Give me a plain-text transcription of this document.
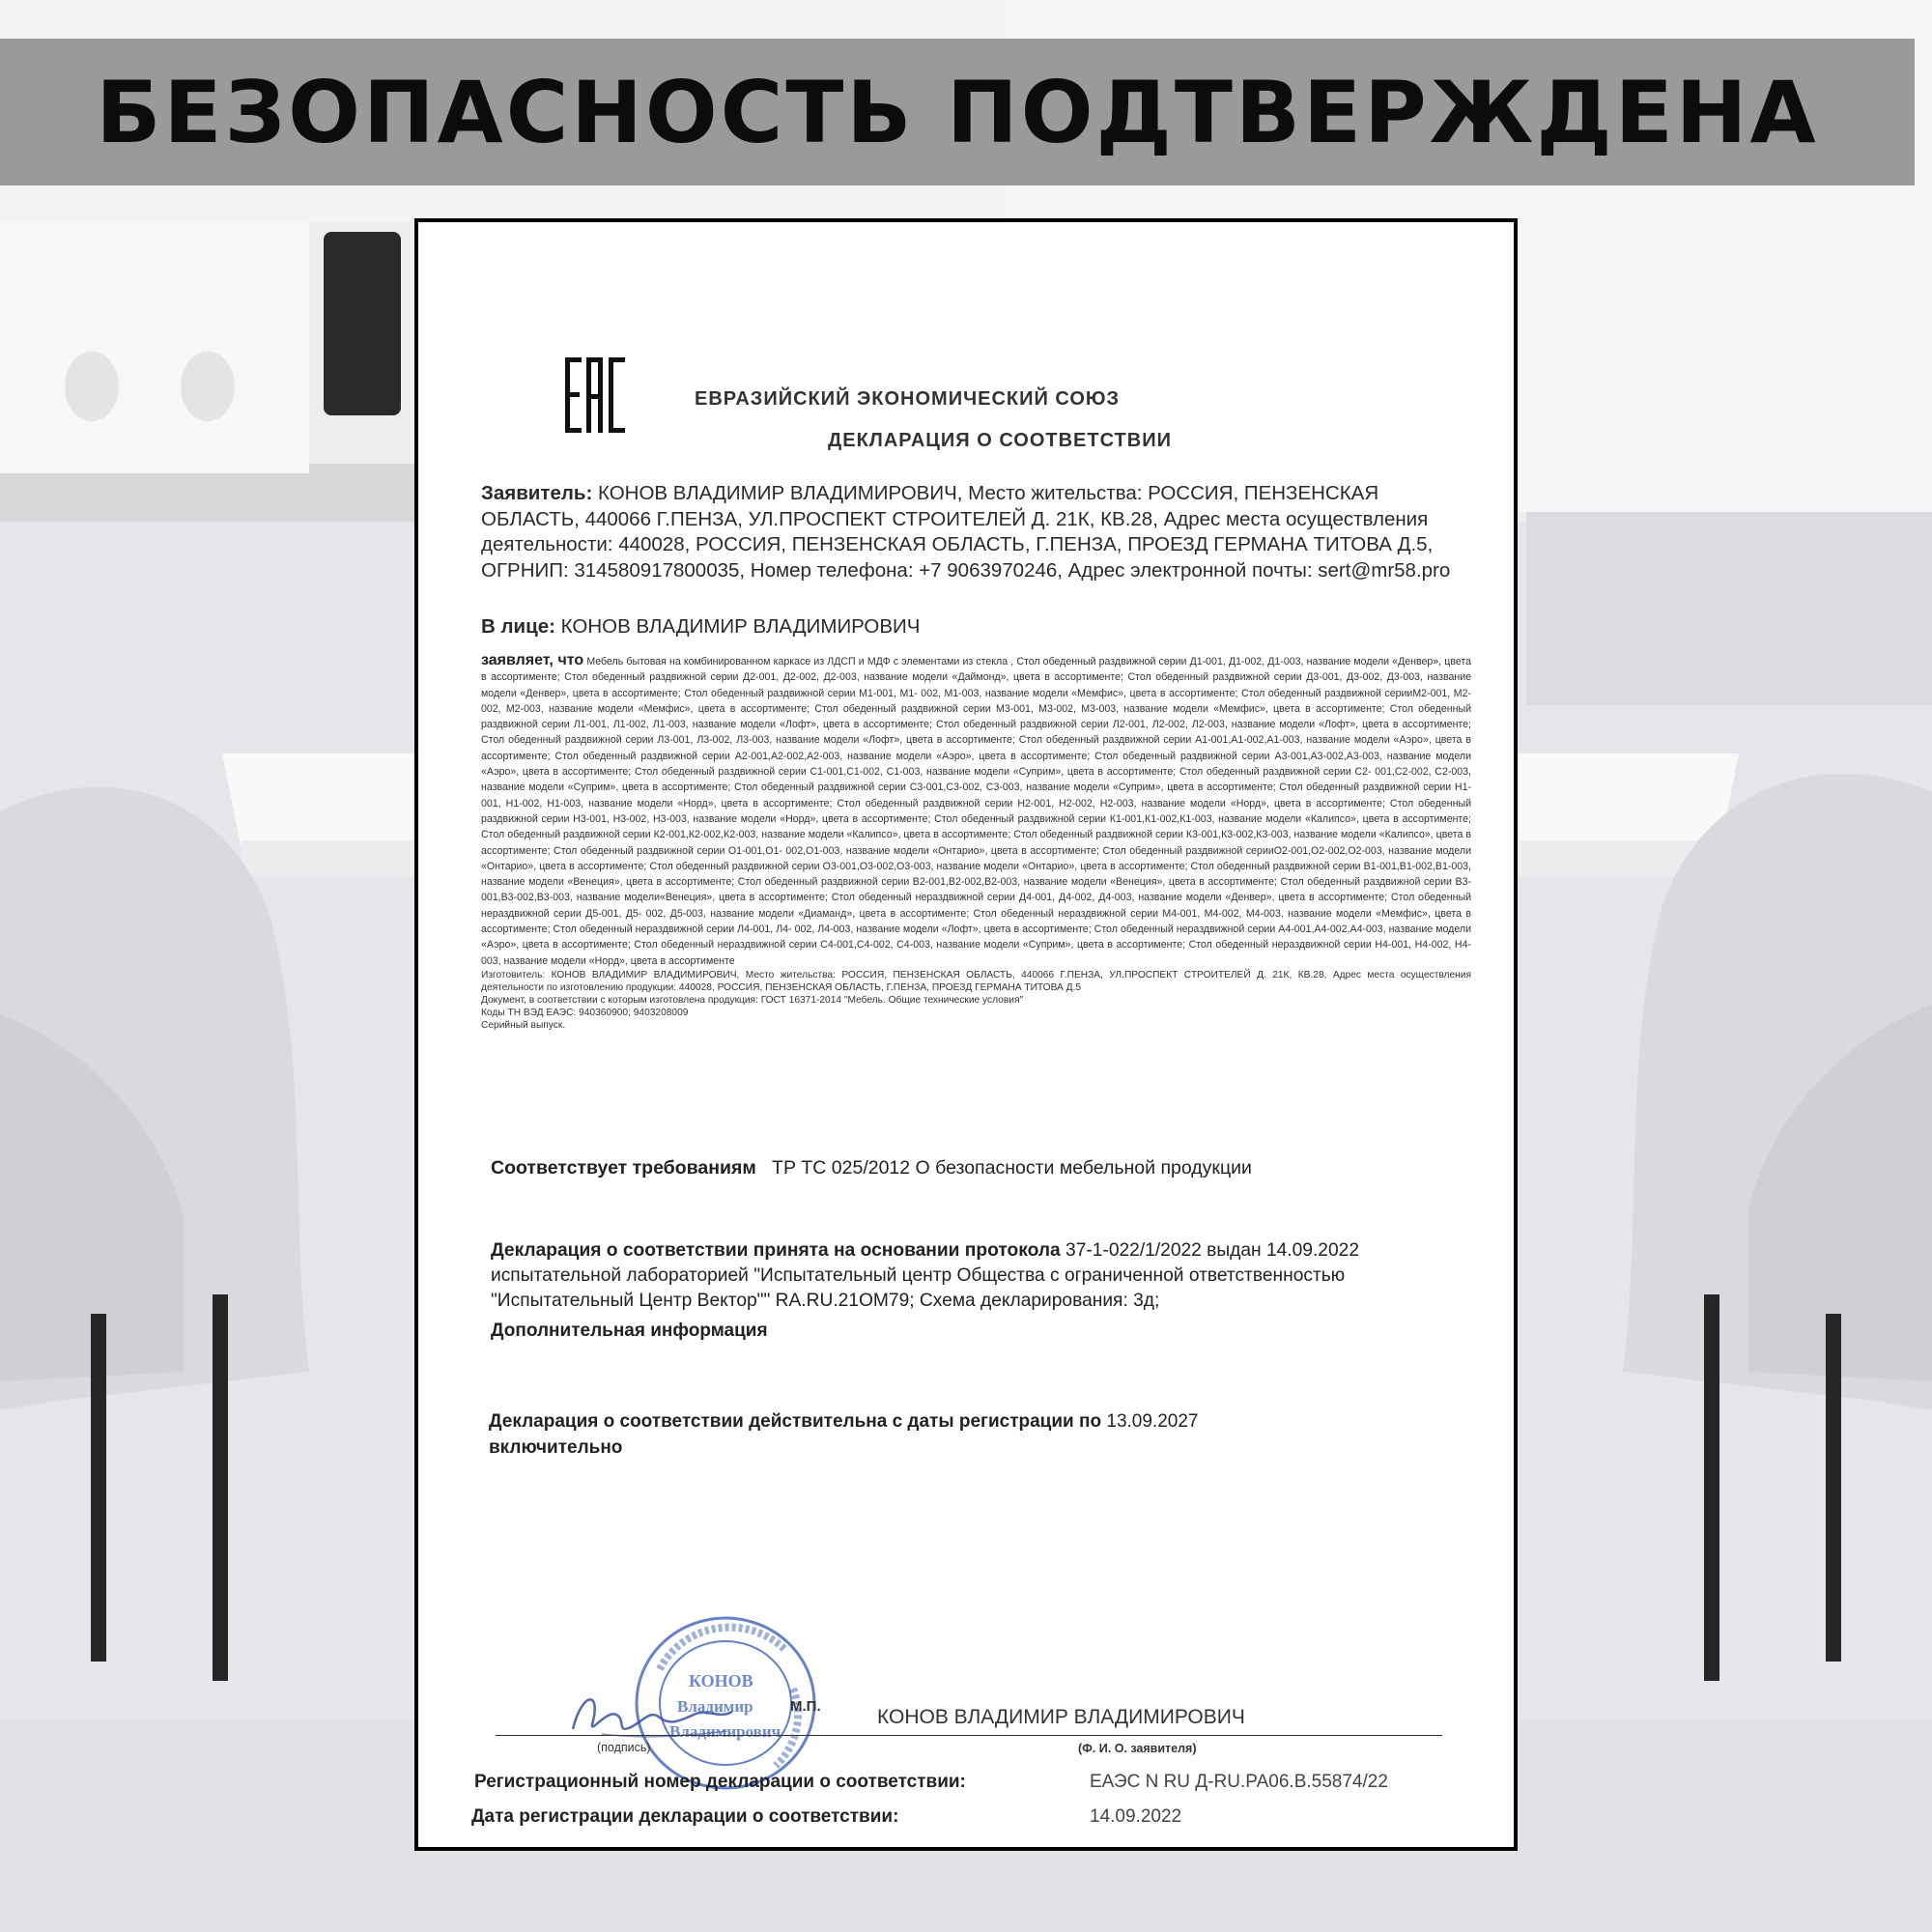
БЕЗОПАСНОСТЬ ПОДТВЕРЖДЕНА
ЕВРАЗИЙСКИЙ ЭКОНОМИЧЕСКИЙ СОЮЗ
ДЕКЛАРАЦИЯ О СООТВЕТСТВИИ
Заявитель: КОНОВ ВЛАДИМИР ВЛАДИМИРОВИЧ, Место жительства: РОССИЯ, ПЕНЗЕНСКАЯ ОБЛАСТЬ, 440066 Г.ПЕНЗА, УЛ.ПРОСПЕКТ СТРОИТЕЛЕЙ Д. 21К, КВ.28, Адрес места осуществления деятельности: 440028, РОССИЯ, ПЕНЗЕНСКАЯ ОБЛАСТЬ, Г.ПЕНЗА, ПРОЕЗД ГЕРМАНА ТИТОВА Д.5, ОГРНИП: 314580917800035, Номер телефона: +7 9063970246, Адрес электронной почты: sert@mr58.pro
В лице: КОНОВ ВЛАДИМИР ВЛАДИМИРОВИЧ
заявляет, что Мебель бытовая на комбинированном каркасе из ЛДСП и МДФ с элементами из стекла , Стол обеденный раздвижной серии Д1-001, Д1-002, Д1-003, название модели «Денвер», цвета в ассортименте; Стол обеденный раздвижной серии Д2-001, Д2-002, Д2-003, название модели «Даймонд», цвета в ассортименте; Стол обеденный раздвижной серии Д3-001, Д3-002, Д3-003, название модели «Денвер», цвета в ассортименте; Стол обеденный раздвижной серии М1-001, М1- 002, М1-003, название модели «Мемфис», цвета в ассортименте; Стол обеденный раздвижной серииМ2-001, М2-002, М2-003, название модели «Мемфис», цвета в ассортименте; Стол обеденный раздвижной серии М3-001, М3-002, М3-003, название модели «Мемфис», цвета в ассортименте; Стол обеденный раздвижной серии Л1-001, Л1-002, Л1-003, название модели «Лофт», цвета в ассортименте; Стол обеденный раздвижной серии Л2-001, Л2-002, Л2-003, название модели «Лофт», цвета в ассортименте; Стол обеденный раздвижной серии Л3-001, Л3-002, Л3-003, название модели «Лофт», цвета в ассортименте; Стол обеденный раздвижной серии А1-001,А1-002,А1-003, название модели «Аэро», цвета в ассортименте; Стол обеденный раздвижной серии А2-001,А2-002,А2-003, название модели «Аэро», цвета в ассортименте; Стол обеденный раздвижной серии А3-001,А3-002,А3-003, название модели «Аэро», цвета в ассортименте; Стол обеденный раздвижной серии С1-001,С1-002, С1-003, название модели «Суприм», цвета в ассортименте; Стол обеденный раздвижной серии С2- 001,С2-002, С2-003, название модели «Суприм», цвета в ассортименте; Стол обеденный раздвижной серии С3-001,С3-002, С3-003, название модели «Суприм», цвета в ассортименте; Стол обеденный раздвижной серии Н1-001, Н1-002, Н1-003, название модели «Норд», цвета в ассортименте; Стол обеденный раздвижной серии Н2-001, Н2-002, Н2-003, название модели «Норд», цвета в ассортименте; Стол обеденный раздвижной серии Н3-001, Н3-002, Н3-003, название модели «Норд», цвета в ассортименте; Стол обеденный раздвижной серии К1-001,К1-002,К1-003, название модели «Калипсо», цвета в ассортименте; Стол обеденный раздвижной серии К2-001,К2-002,К2-003, название модели «Калипсо», цвета в ассортименте; Стол обеденный раздвижной серии К3-001,К3-002,К3-003, название модели «Калипсо», цвета в ассортименте; Стол обеденный раздвижной серии О1-001,О1- 002,О1-003, название модели «Онтарио», цвета в ассортименте; Стол обеденный раздвижной серииО2-001,О2-002,О2-003, название модели «Онтарио», цвета в ассортименте; Стол обеденный раздвижной серии О3-001,О3-002,О3-003, название модели «Онтарио», цвета в ассортименте; Стол обеденный раздвижной серии В1-001,В1-002,В1-003, название модели «Венеция», цвета в ассортименте; Стол обеденный раздвижной серии В2-001,В2-002,В2-003, название модели «Венеция», цвета в ассортименте; Стол обеденный раздвижной серии В3-001,В3-002,В3-003, название модели«Венеция», цвета в ассортименте; Стол обеденный нераздвижной серии Д4-001, Д4-002, Д4-003, название модели «Денвер», цвета в ассортименте; Стол обеденный нераздвижной серии Д5-001, Д5- 002, Д5-003, название модели «Диаманд», цвета в ассортименте; Стол обеденный нераздвижной серии М4-001, М4-002, М4-003, название модели «Мемфис», цвета в ассортименте; Стол обеденный нераздвижной серии Л4-001, Л4- 002, Л4-003, название модели «Лофт», цвета в ассортименте; Стол обеденный нераздвижной серии А4-001,А4-002,А4-003, название модели «Аэро», цвета в ассортименте; Стол обеденный нераздвижной серии С4-001,С4-002, С4-003, название модели «Суприм», цвета в ассортименте; Стол обеденный нераздвижной серии Н4-001, Н4-002, Н4-003, название модели «Норд», цвета в ассортименте
Изготовитель: КОНОВ ВЛАДИМИР ВЛАДИМИРОВИЧ, Место жительства: РОССИЯ, ПЕНЗЕНСКАЯ ОБЛАСТЬ, 440066 Г.ПЕНЗА, УЛ.ПРОСПЕКТ СТРОИТЕЛЕЙ Д. 21К, КВ.28, Адрес места осуществления деятельности по изготовлению продукции: 440028, РОССИЯ, ПЕНЗЕНСКАЯ ОБЛАСТЬ, Г.ПЕНЗА, ПРОЕЗД ГЕРМАНА ТИТОВА Д.5
Документ, в соответствии с которым изготовлена продукция: ГОСТ 16371-2014 "Мебель. Общие технические условия"
Коды ТН ВЭД ЕАЭС: 940360900; 9403208009
Серийный выпуск.
Соответствует требованиям ТР ТС 025/2012 О безопасности мебельной продукции
Декларация о соответствии принята на основании протокола 37-1-022/1/2022 выдан 14.09.2022 испытательной лабораторией "Испытательный центр Общества с ограниченной ответственностью "Испытательный Центр Вектор"" RA.RU.21ОМ79; Схема декларирования: 3д;
Дополнительная информация
Декларация о соответствии действительна с даты регистрации по 13.09.2027
включительно
КОНОВ
Владимир
Владимирович
М.П.	КОНОВ ВЛАДИМИР ВЛАДИМИРОВИЧ
(подпись)	(Ф. И. О. заявителя)
Регистрационный номер декларации о соответствии:	ЕАЭС N RU Д-RU.РА06.В.55874/22
Дата регистрации декларации о соответствии:	14.09.2022
